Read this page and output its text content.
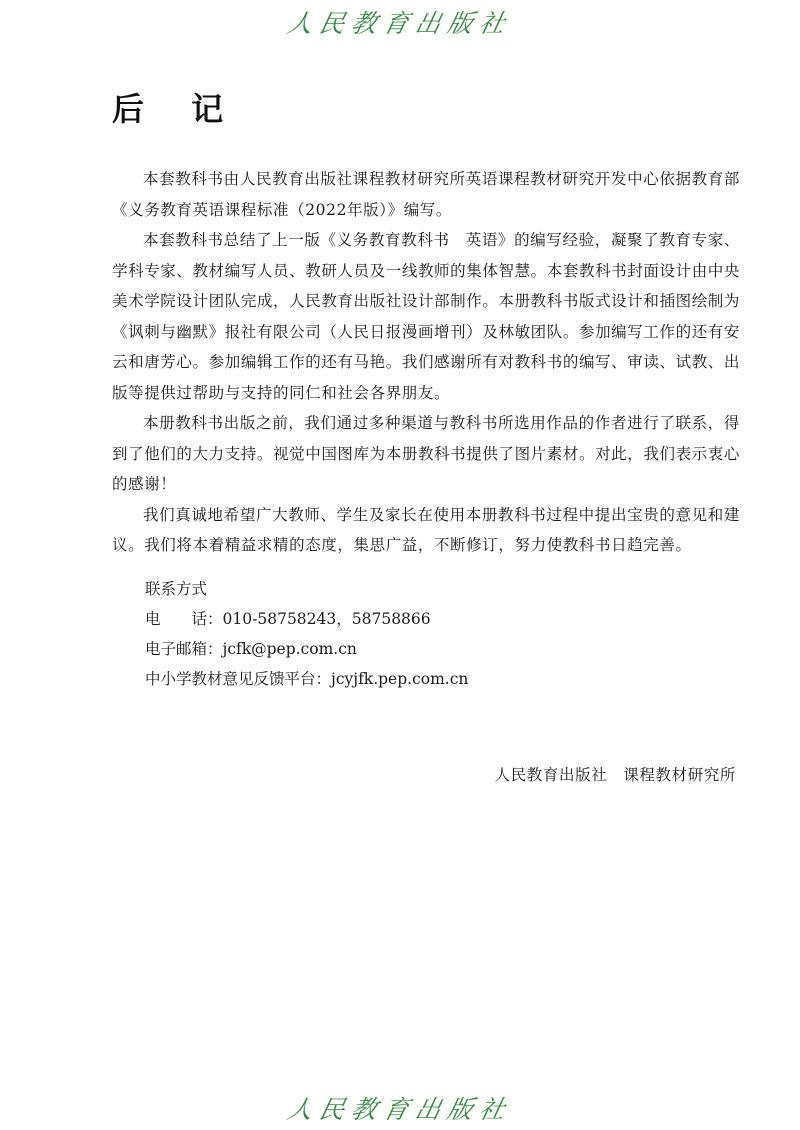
人民教育出版社
后 记

本套教科书由人民教育出版社课程教材研究所英语课程教材研究开发中心依据教育部《义务教育英语课程标准（2022年版）》编写。

本套教科书总结了上一版《义务教育教科书　英语》的编写经验，凝聚了教育专家、学科专家、教材编写人员、教研人员及一线教师的集体智慧。本套教科书封面设计由中央美术学院设计团队完成，人民教育出版社设计部制作。本册教科书版式设计和插图绘制为《讽刺与幽默》报社有限公司（人民日报漫画增刊）及林敏团队。参加编写工作的还有安云和唐芳心。参加编辑工作的还有马艳。我们感谢所有对教科书的编写、审读、试教、出版等提供过帮助与支持的同仁和社会各界朋友。

本册教科书出版之前，我们通过多种渠道与教科书所选用作品的作者进行了联系，得到了他们的大力支持。视觉中国图库为本册教科书提供了图片素材。对此，我们表示衷心的感谢！

我们真诚地希望广大教师、学生及家长在使用本册教科书过程中提出宝贵的意见和建议。我们将本着精益求精的态度，集思广益，不断修订，努力使教科书日趋完善。

联系方式
电 话：010-58758243，58758866
电子邮箱：jcfk@pep.com.cn
中小学教材意见反馈平台：jcyjfk.pep.com.cn
人民教育出版社 课程教材研究所
人民教育出版社
